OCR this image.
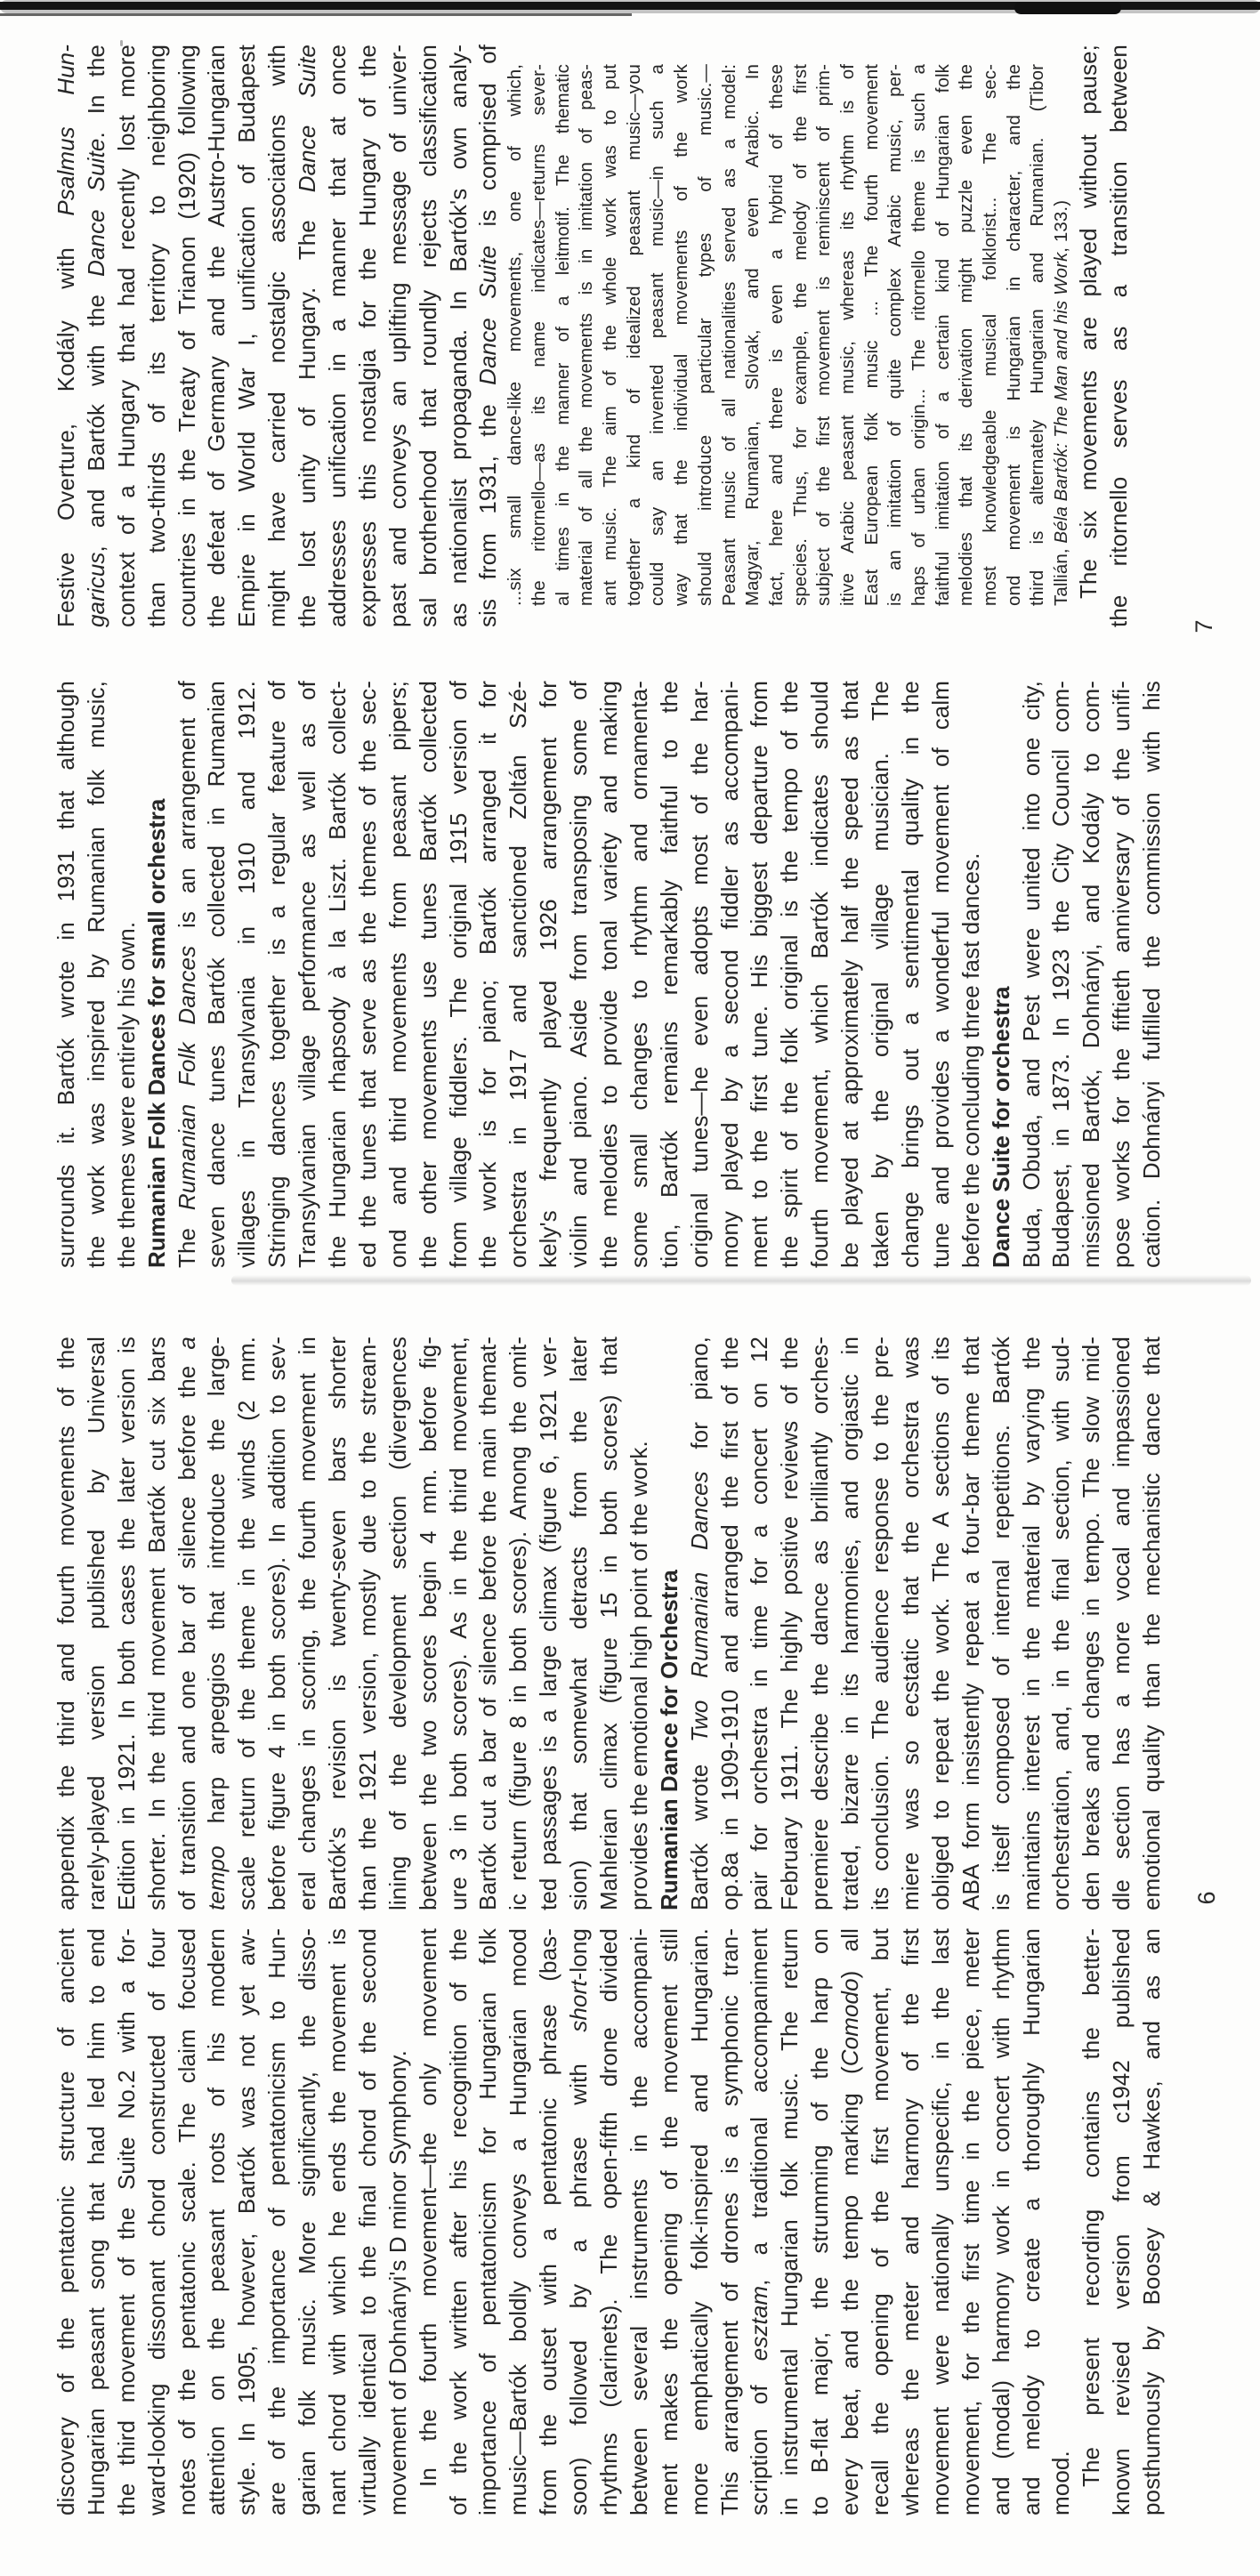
discovery of the pentatonic structure of ancient Hungarian peasant song that had led him to end the third movement of the Suite No.2 with a for- ward-looking dissonant chord constructed of four notes of the pentatonic scale. The claim focused attention on the peasant roots of his modern style. In 1905, however, Bartók was not yet aw- are of the importance of pentatonicism to Hun- garian folk music. More significantly, the disso- nant chord with which he ends the movement is virtually identical to the final chord of the second movement of Dohnányi's D minor Symphony. In the fourth movement—the only movement of the work written after his recognition of the importance of pentatonicism for Hungarian folk music—Bartók boldly conveys a Hungarian mood from the outset with a pentatonic phrase (bas- soon) followed by a phrase with short-long rhythms (clarinets). The open-fifth drone divided between several instruments in the accompani- ment makes the opening of the movement still more emphatically folk-inspired and Hungarian. This arrangement of drones is a symphonic tran- scription of esztam, a traditional accompaniment in instrumental Hungarian folk music. The return to B-flat major, the strumming of the harp on every beat, and the tempo marking (Comodo) all recall the opening of the first movement, but whereas the meter and harmony of the first movement were nationally unspecific, in the last movement, for the first time in the piece, meter and (modal) harmony work in concert with rhythm and melody to create a thoroughly Hungarian mood. The present recording contains the better- known revised version from c1942 published posthumously by Boosey & Hawkes, and as an
appendix the third and fourth movements of the rarely-played version published by Universal Edition in 1921. In both cases the later version is shorter. In the third movement Bartók cut six bars of transition and one bar of silence before the a
tempo harp arpeggios that introduce the large- scale return of the theme in the winds (2 mm. before figure 4 in both scores). In addition to sev- eral changes in scoring, the fourth movement in Bartók's revision is twenty-seven bars shorter than the 1921 version, mostly due to the stream- lining of the development section (divergences between the two scores begin 4 mm. before fig- ure 3 in both scores). As in the third movement, Bartók cut a bar of silence before the main themat- ic return (figure 8 in both scores). Among the omit- ted passages is a large climax (figure 6, 1921 ver- sion) that somewhat detracts from the later Mahlerian climax (figure 15 in both scores) that provides the emotional high point of the work. Rumanian Dance for Orchestra Bartók wrote Two Rumanian Dances for piano, op.8a in 1909-1910 and arranged the first of the pair for orchestra in time for a concert on 12 February 1911. The highly positive reviews of the premiere describe the dance as brilliantly orches- trated, bizarre in its harmonies, and orgiastic in its conclusion. The audience response to the pre- miere was so ecstatic that the orchestra was obliged to repeat the work. The A sections of its ABA form insistently repeat a four-bar theme that is itself composed of internal repetitions. Bartók maintains interest in the material by varying the orchestration, and, in the final section, with sud- den breaks and changes in tempo. The slow mid- dle section has a more vocal and impassioned emotional quality than the mechanistic dance that 6
surrounds it. Bartók wrote in 1931 that although the work was inspired by Rumanian folk music, the themes were entirely his own. Rumanian Folk Dances for small orchestra The Rumanian Folk Dances is an arrangement of seven dance tunes Bartók collected in Rumanian villages in Transylvania in 1910 and 1912. Stringing dances together is a regular feature of Transylvanian village performance as well as of the Hungarian rhapsody à la Liszt. Bartók collect- ed the tunes that serve as the themes of the sec- ond and third movements from peasant pipers; the other movements use tunes Bartók collected from village fiddlers. The original 1915 version of the work is for piano; Bartók arranged it for orchestra in 1917 and sanctioned Zoltán Szé- kely's frequently played 1926 arrangement for violin and piano. Aside from transposing some of the melodies to provide tonal variety and making some small changes to rhythm and ornamenta- tion, Bartók remains remarkably faithful to the original tunes—he even adopts most of the har- mony played by a second fiddler as accompani- ment to the first tune. His biggest departure from the spirit of the folk original is the tempo of the fourth movement, which Bartók indicates should be played at approximately half the speed as that taken by the original village musician. The change brings out a sentimental quality in the tune and provides a wonderful movement of calm before the concluding three fast dances. Dance Suite for orchestra Buda, Obuda, and Pest were united into one city, Budapest, in 1873. In 1923 the City Council com- missioned Bartók, Dohnányi, and Kodály to com- pose works for the fiftieth anniversary of the unifi- cation. Dohnányi fulfilled the commission with his
Festive Overture, Kodály with Psalmus Hun-
garicus, and Bartók with the Dance Suite. In the context of a Hungary that had recently lost more than two-thirds of its territory to neighboring countries in the Treaty of Trianon (1920) following the defeat of Germany and the Austro-Hungarian Empire in World War I, unification of Budapest might have carried nostalgic associations with the lost unity of Hungary. The Dance Suite addresses unification in a manner that at once expresses this nostalgia for the Hungary of the past and conveys an uplifting message of univer- sal brotherhood that roundly rejects classification as nationalist propaganda. In Bartók's own analy- sis from 1931, the Dance Suite is comprised of ...six small dance-like movements, one of which, the ritornello—as its name indicates—returns sever- al times in the manner of a leitmotif. The thematic material of all the movements is in imitation of peas- ant music. The aim of the whole work was to put together a kind of idealized peasant music—you could say an invented peasant music—in such a way that the individual movements of the work should introduce particular types of music.— Peasant music of all nationalities served as a model: Magyar, Rumanian, Slovak, and even Arabic. In fact, here and there is even a hybrid of these species. Thus, for example, the melody of the first subject of the first movement is reminiscent of prim- itive Arabic peasant music, whereas its rhythm is of East European folk music ... The fourth movement is an imitation of quite complex Arabic music, per- haps of urban origin... The ritornello theme is such a faithful imitation of a certain kind of Hungarian folk melodies that its derivation might puzzle even the most knowledgeable musical folklorist... The sec- ond movement is Hungarian in character, and the third is alternately Hungarian and Rumanian. (Tibor Tallián, Béla Bartók: The Man and his Work, 133.) The six movements are played without pause; the ritornello serves as a transition between 7
